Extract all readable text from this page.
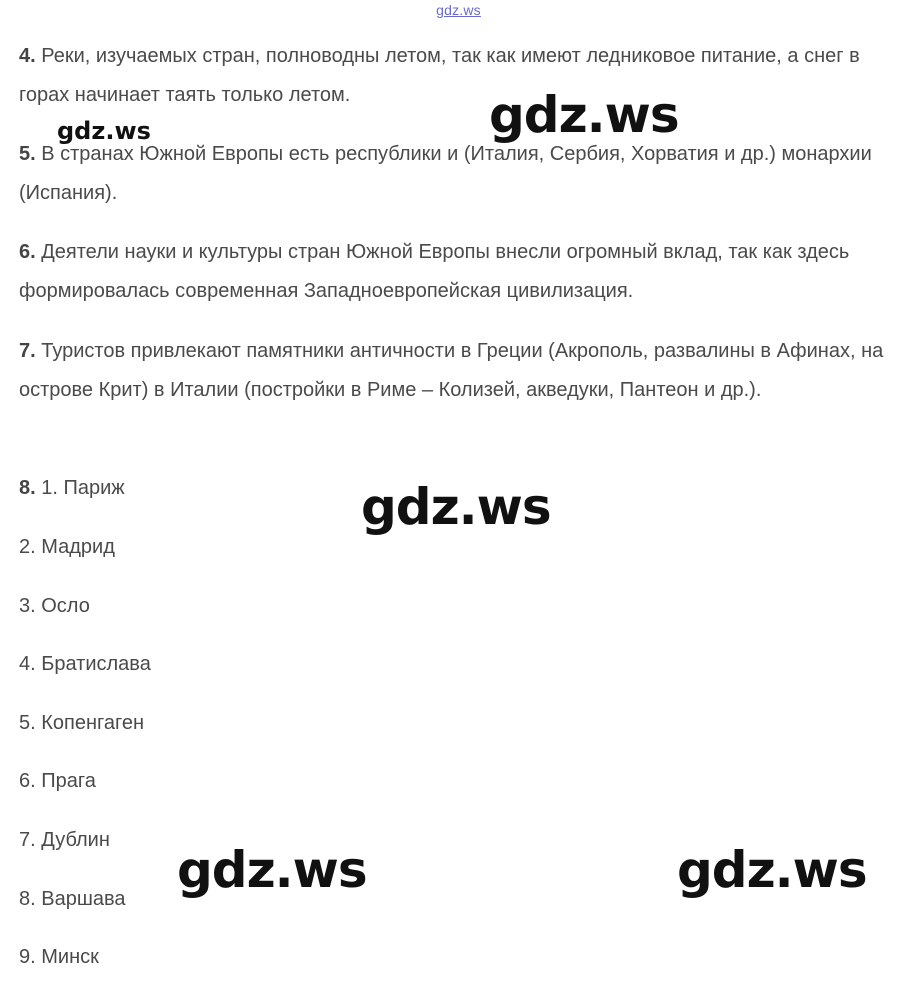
gdz.ws

4. Реки, изучаемых стран, полноводны летом, так как имеют ледниковое питание, а снег в горах начинает таять только летом.

5. В странах Южной Европы есть республики и (Италия, Сербия, Хорватия и др.) монархии (Испания).

6. Деятели науки и культуры стран Южной Европы внесли огромный вклад, так как здесь формировалась современная Западноевропейская цивилизация.

7. Туристов привлекают памятники античности в Греции (Акрополь, развалины в Афинах, на острове Крит) в Италии (постройки в Риме – Колизей, акведуки, Пантеон и др.).

8. 1. Париж

2. Мадрид

3. Осло

4. Братислава

5. Копенгаген

6. Прага

7. Дублин

8. Варшава

9. Минск

gdz.ws
gdz.ws
gdz.ws
gdz.ws	gdz.ws
